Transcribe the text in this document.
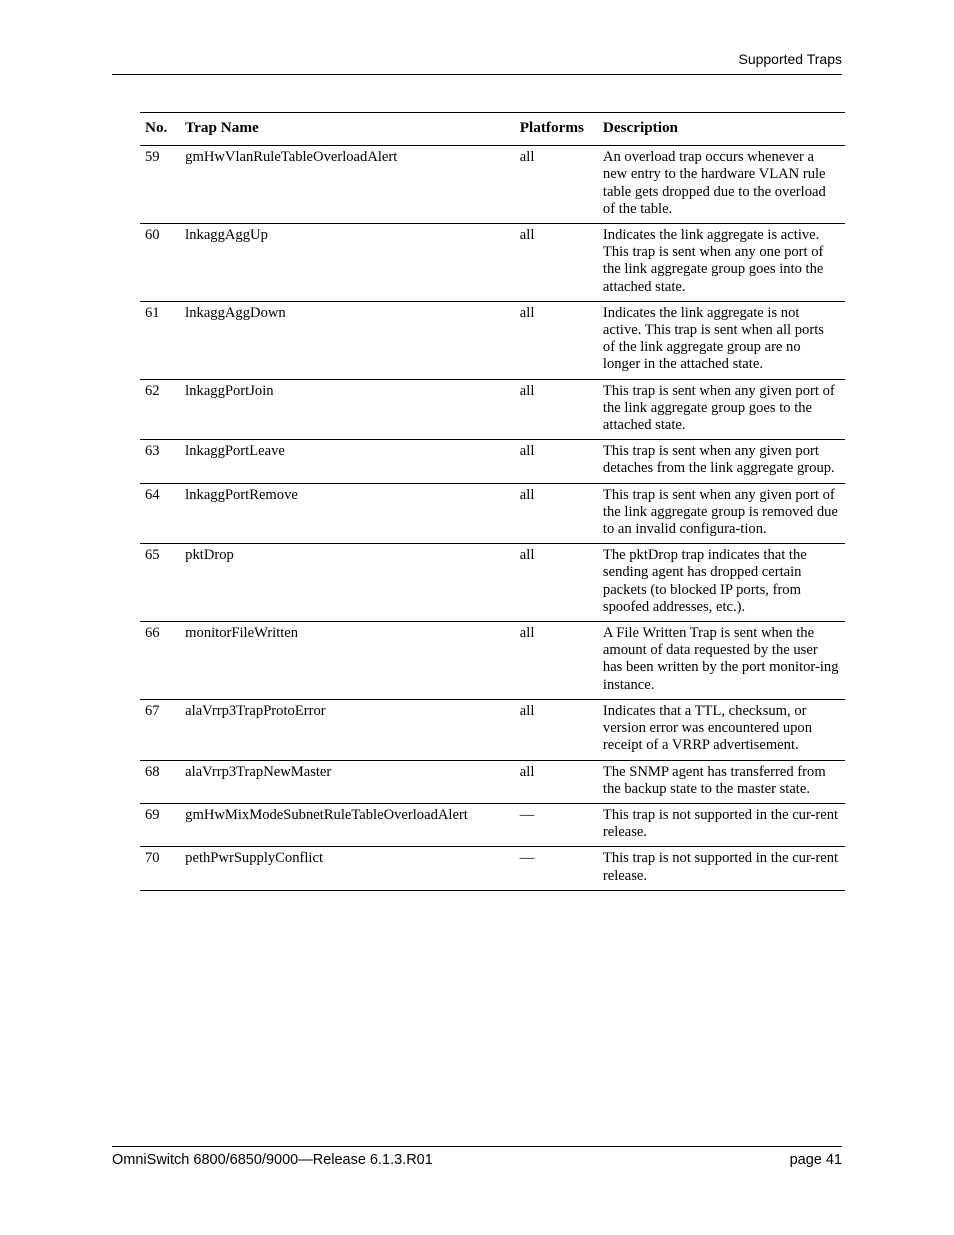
Supported Traps
No.	Trap Name	Platforms	Description
59	gmHwVlanRuleTableOverloadAlert	all	An overload trap occurs whenever a new entry to the hardware VLAN rule table gets dropped due to the overload of the table.
60	lnkaggAggUp	all	Indicates the link aggregate is active. This trap is sent when any one port of the link aggregate group goes into the attached state.
61	lnkaggAggDown	all	Indicates the link aggregate is not active. This trap is sent when all ports of the link aggregate group are no longer in the attached state.
62	lnkaggPortJoin	all	This trap is sent when any given port of the link aggregate group goes to the attached state.
63	lnkaggPortLeave	all	This trap is sent when any given port detaches from the link aggregate group.
64	lnkaggPortRemove	all	This trap is sent when any given port of the link aggregate group is removed due to an invalid configura-tion.
65	pktDrop	all	The pktDrop trap indicates that the sending agent has dropped certain packets (to blocked IP ports, from spoofed addresses, etc.).
66	monitorFileWritten	all	A File Written Trap is sent when the amount of data requested by the user has been written by the port monitor-ing instance.
67	alaVrrp3TrapProtoError	all	Indicates that a TTL, checksum, or version error was encountered upon receipt of a VRRP advertisement.
68	alaVrrp3TrapNewMaster	all	The SNMP agent has transferred from the backup state to the master state.
69	gmHwMixModeSubnetRuleTableOverloadAlert	—	This trap is not supported in the cur-rent release.
70	pethPwrSupplyConflict	—	This trap is not supported in the cur-rent release.
OmniSwitch 6800/6850/9000—Release 6.1.3.R01	page 41
